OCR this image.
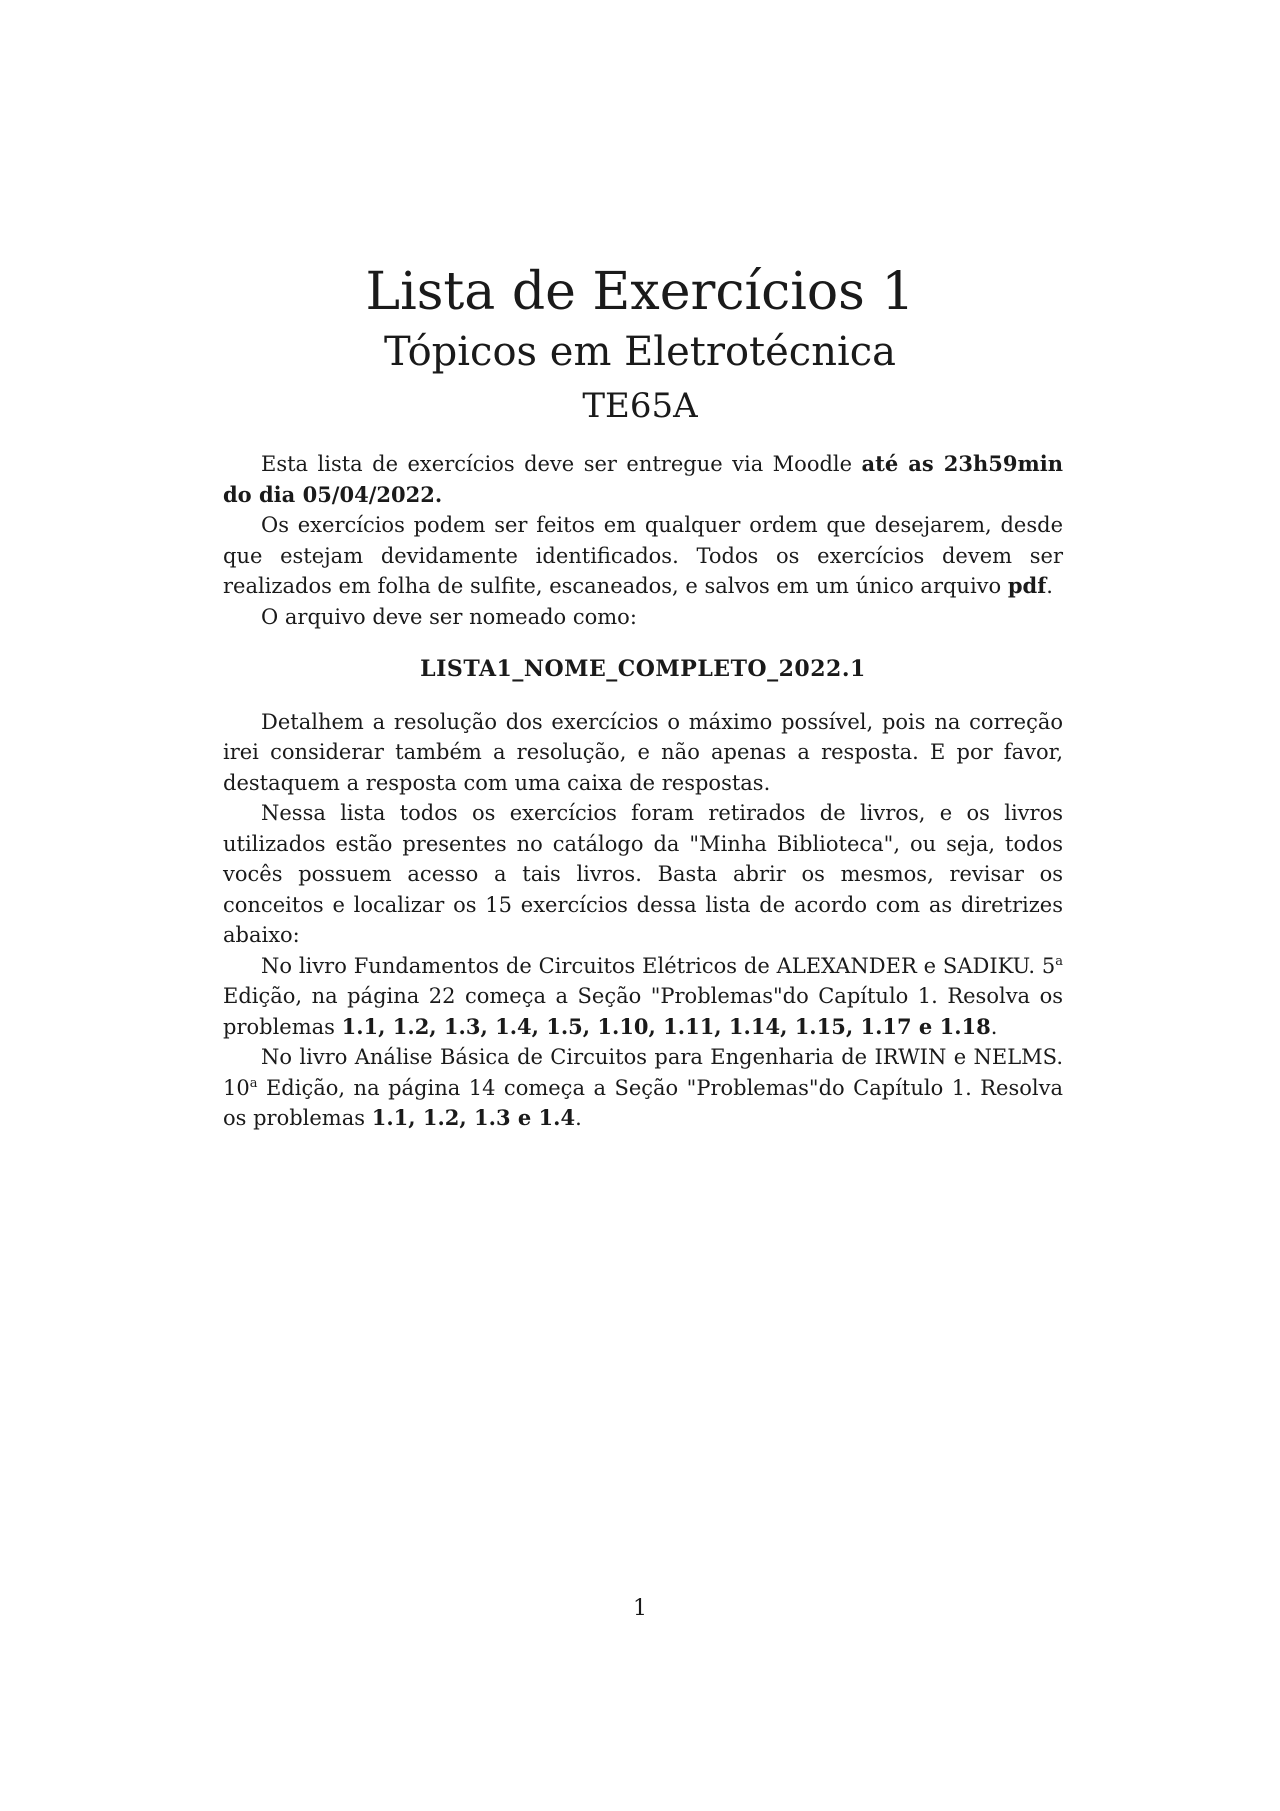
Lista de Exercícios 1
Tópicos em Eletrotécnica
TE65A

Esta lista de exercícios deve ser entregue via Moodle até as 23h59min do dia 05/04/2022.

Os exercícios podem ser feitos em qualquer ordem que desejarem, desde que estejam devidamente identificados. Todos os exercícios devem ser realizados em folha de sulfite, escaneados, e salvos em um único arquivo pdf.

O arquivo deve ser nomeado como:

LISTA1_NOME_COMPLETO_2022.1

Detalhem a resolução dos exercícios o máximo possível, pois na correção irei considerar também a resolução, e não apenas a resposta. E por favor, destaquem a resposta com uma caixa de respostas.

Nessa lista todos os exercícios foram retirados de livros, e os livros utilizados estão presentes no catálogo da "Minha Biblioteca", ou seja, todos vocês possuem acesso a tais livros. Basta abrir os mesmos, revisar os conceitos e localizar os 15 exercícios dessa lista de acordo com as diretrizes abaixo:

No livro Fundamentos de Circuitos Elétricos de ALEXANDER e SADIKU. 5$^a$ Edição, na página 22 começa a Seção "Problemas"do Capítulo 1. Resolva os problemas 1.1, 1.2, 1.3, 1.4, 1.5, 1.10, 1.11, 1.14, 1.15, 1.17 e 1.18.

No livro Análise Básica de Circuitos para Engenharia de IRWIN e NELMS. 10$^a$ Edição, na página 14 começa a Seção "Problemas"do Capítulo 1. Resolva os problemas 1.1, 1.2, 1.3 e 1.4.

1
